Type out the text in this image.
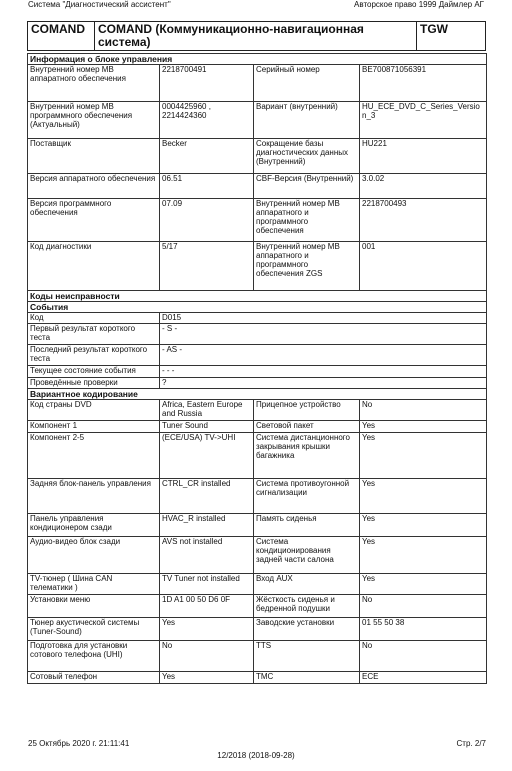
Система "Диагностический ассистент"	Авторское право 1999 Даймлер АГ
COMAND	COMAND (Коммуникационно-навигационная система)	TGW
Информация о блоке управления			
Внутренний номер МВ аппаратного обеспечения	2218700491	Серийный номер	BE700871056391
Внутренний номер МВ программного обеспечения (Актуальный)	0004425960 , 2214424360	Вариант (внутренний)	HU_ECE_DVD_C_Series_Version_3
Поставщик	Becker	Сокращение базы диагностических данных (Внутренний)	HU221
Версия аппаратного обеспечения	06.51	CBF-Версия (Внутренний)	3.0.02
Версия программного обеспечения	07.09	Внутренний номер МВ аппаратного и программного обеспечения	2218700493
Код диагностики	5/17	Внутренний номер МВ аппаратного и программного обеспечения ZGS	001
Коды неисправности			
События			
Код	D015		
Первый результат короткого теста	- S -		
Последний результат короткого теста	- AS -		
Текущее состояние события	- - -		
Проведённые проверки	?		
Вариантное кодирование			
Код страны DVD	Africa, Eastern Europe and Russia	Прицепное устройство	No
Компонент 1	Tuner Sound	Световой пакет	Yes
Компонент 2-5	(ECE/USA) TV->UHI	Система дистанционного закрывания крышки багажника	Yes
Задняя блок-панель управления	CTRL_CR installed	Система противоугонной сигнализации	Yes
Панель управления кондиционером сзади	HVAC_R installed	Память сиденья	Yes
Аудио-видео блок сзади	AVS not installed	Система кондиционирования задней части салона	Yes
TV-тюнер ( Шина CAN телематики )	TV Tuner not installed	Вход AUX	Yes
Установки меню	1D A1 00 50 D6 0F	Жёсткость сиденья и бедренной подушки	No
Тюнер акустической системы (Tuner-Sound)	Yes	Заводские установки	01 55 50 38
Подготовка для установки сотового телефона (UHI)	No	TTS	No
Сотовый телефон	Yes	TMC	ECE
25 Октябрь 2020 г. 21:11:41	Стр. 2/7
12/2018 (2018-09-28)
